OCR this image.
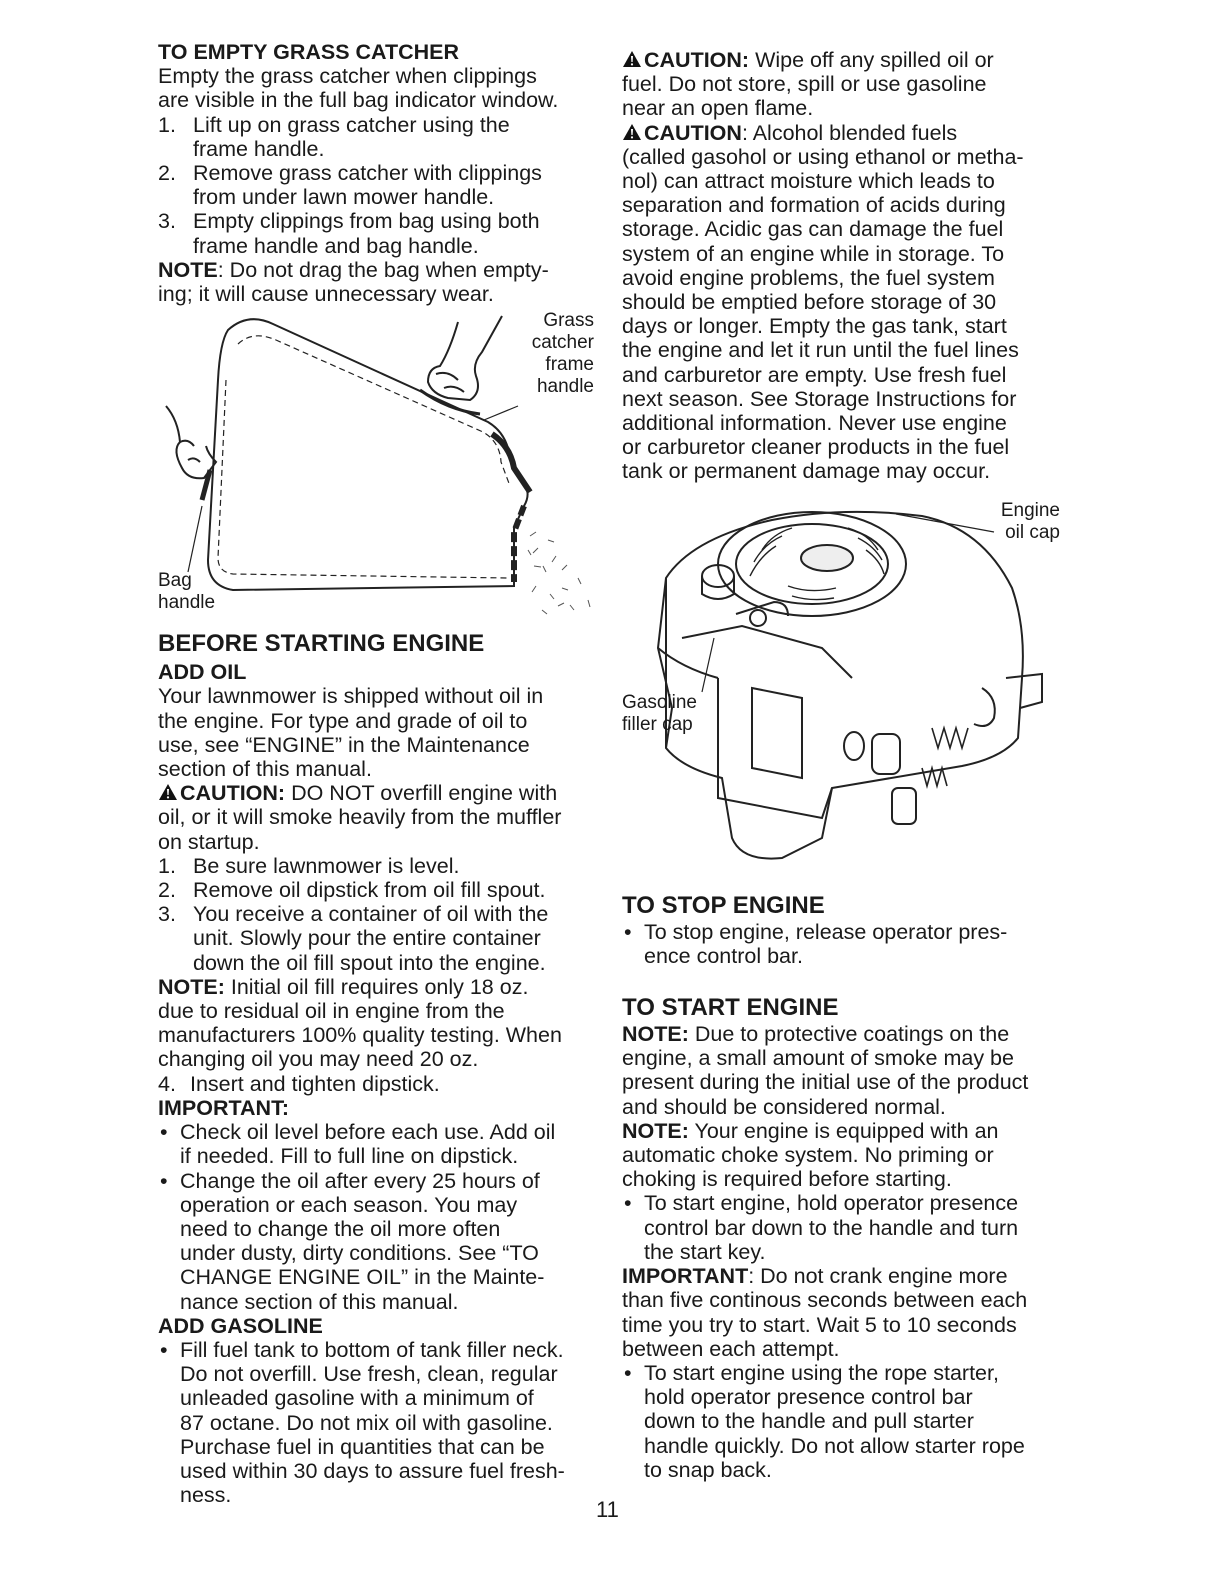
TO EMPTY GRASS CATCHER

Empty the grass catcher when clippings
are visible in the full bag indicator window.

1. Lift up on grass catcher using the
frame handle.
2. Remove grass catcher with clippings
from under lawn mower handle.
3. Empty clippings from bag using both
frame handle and bag handle.

NOTE: Do not drag the bag when empty-
ing; it will cause unnecessary wear.

Grass
catcher
frame
handle
Bag
handle

BEFORE STARTING ENGINE

ADD OIL

Your lawnmower is shipped without oil in
the engine. For type and grade of oil to
use, see “ENGINE” in the Maintenance
section of this manual.

CAUTION: DO NOT overfill engine with
oil, or it will smoke heavily from the muffler
on startup.

1. Be sure lawnmower is level.
2. Remove oil dipstick from oil fill spout.
3. You receive a container of oil with the
unit. Slowly pour the entire container
down the oil fill spout into the engine.

NOTE: Initial oil fill requires only 18 oz.
due to residual oil in engine from the
manufacturers 100% quality testing. When
changing oil you may need 20 oz.

4. Insert and tighten dipstick.

IMPORTANT:

• Check oil level before each use. Add oil
if needed. Fill to full line on dipstick.
• Change the oil after every 25 hours of
operation or each season. You may
need to change the oil more often
under dusty, dirty conditions. See “TO
CHANGE ENGINE OIL” in the Mainte-
nance section of this manual.

ADD GASOLINE

• Fill fuel tank to bottom of tank filler neck.
Do not overfill. Use fresh, clean, regular
unleaded gasoline with a minimum of
87 octane. Do not mix oil with gasoline.
Purchase fuel in quantities that can be
used within 30 days to assure fuel fresh-
ness.

CAUTION: Wipe off any spilled oil or
fuel. Do not store, spill or use gasoline
near an open flame.

CAUTION: Alcohol blended fuels
(called gasohol or using ethanol or metha-
nol) can attract moisture which leads to
separation and formation of acids during
storage. Acidic gas can damage the fuel
system of an engine while in storage. To
avoid engine problems, the fuel system
should be emptied before storage of 30
days or longer. Empty the gas tank, start
the engine and let it run until the fuel lines
and carburetor are empty. Use fresh fuel
next season. See Storage Instructions for
additional information. Never use engine
or carburetor cleaner products in the fuel
tank or permanent damage may occur.

Engine
oil cap
Gasoline
filler cap

TO STOP ENGINE

• To stop engine, release operator pres-
ence control bar.

TO START ENGINE

NOTE: Due to protective coatings on the
engine, a small amount of smoke may be
present during the initial use of the product
and should be considered normal.

NOTE: Your engine is equipped with an
automatic choke system. No priming or
choking is required before starting.

• To start engine, hold operator presence
control bar down to the handle and turn
the start key.

IMPORTANT: Do not crank engine more
than five continous seconds between each
time you try to start. Wait 5 to 10 seconds
between each attempt.

• To start engine using the rope starter,
hold operator presence control bar
down to the handle and pull starter
handle quickly. Do not allow starter rope
to snap back.
11
